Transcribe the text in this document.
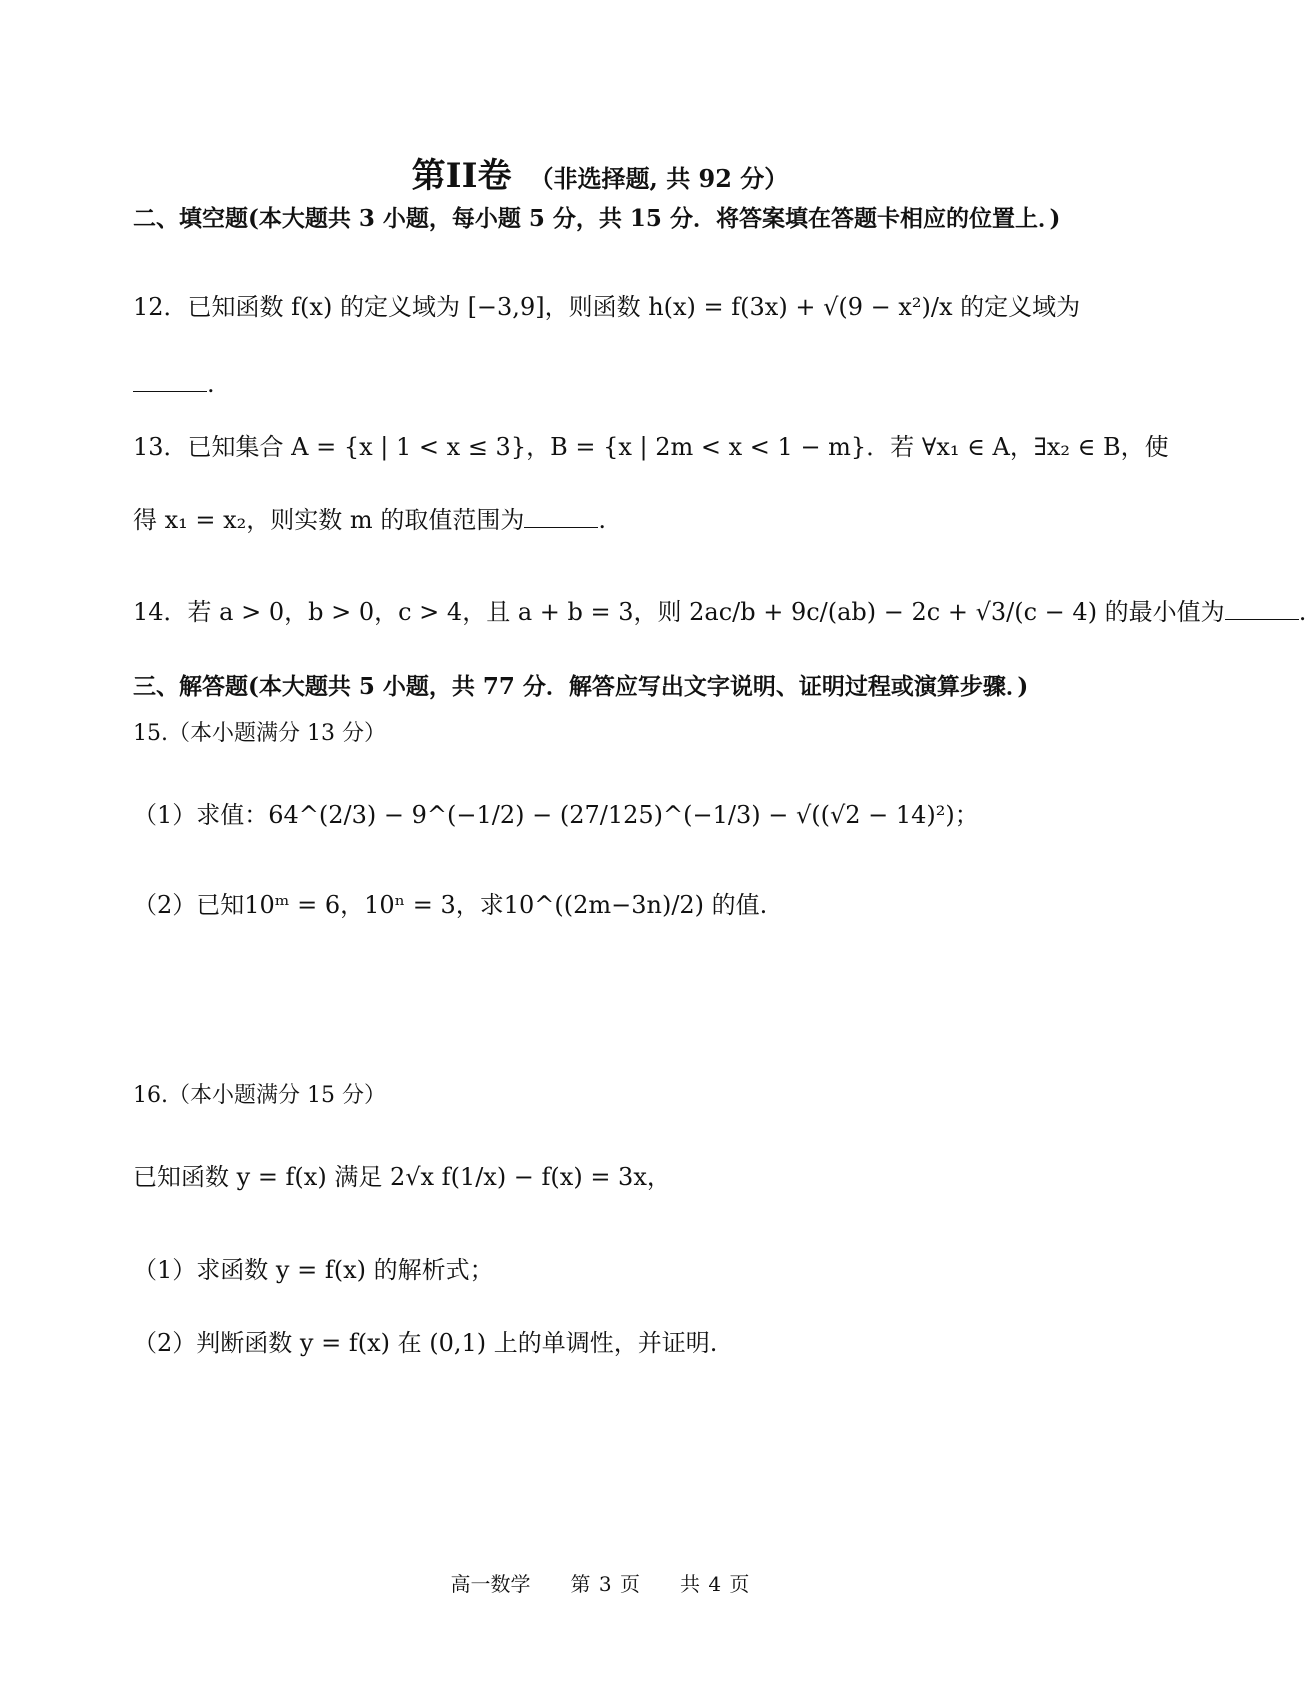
第II卷 （非选择题, 共 92 分）
二、填空题(本大题共 3 小题，每小题 5 分，共 15 分．将答案填在答题卡相应的位置上．)
12．已知函数 f(x) 的定义域为 [−3,9]，则函数 h(x) = f(3x) + √(9 − x²)/x 的定义域为
.
13．已知集合 A = {x | 1 < x ≤ 3}，B = {x | 2m < x < 1 − m}．若 ∀x₁ ∈ A，∃x₂ ∈ B，使
得 x₁ = x₂，则实数 m 的取值范围为	.
14．若 a > 0，b > 0，c > 4，且 a + b = 3，则 2ac/b + 9c/(ab) − 2c + √3/(c − 4) 的最小值为	.
三、解答题(本大题共 5 小题，共 77 分．解答应写出文字说明、证明过程或演算步骤．)
15.（本小题满分 13 分）
（1）求值：64^(2/3) − 9^(−1/2) − (27/125)^(−1/3) − √((√2 − 14)²)；
（2）已知10ᵐ = 6，10ⁿ = 3，求10^((2m−3n)/2) 的值.
16.（本小题满分 15 分）
已知函数 y = f(x) 满足 2√x f(1/x) − f(x) = 3x，
（1）求函数 y = f(x) 的解析式；
（2）判断函数 y = f(x) 在 (0,1) 上的单调性，并证明.
高一数学　　第 3 页　　共 4 页
